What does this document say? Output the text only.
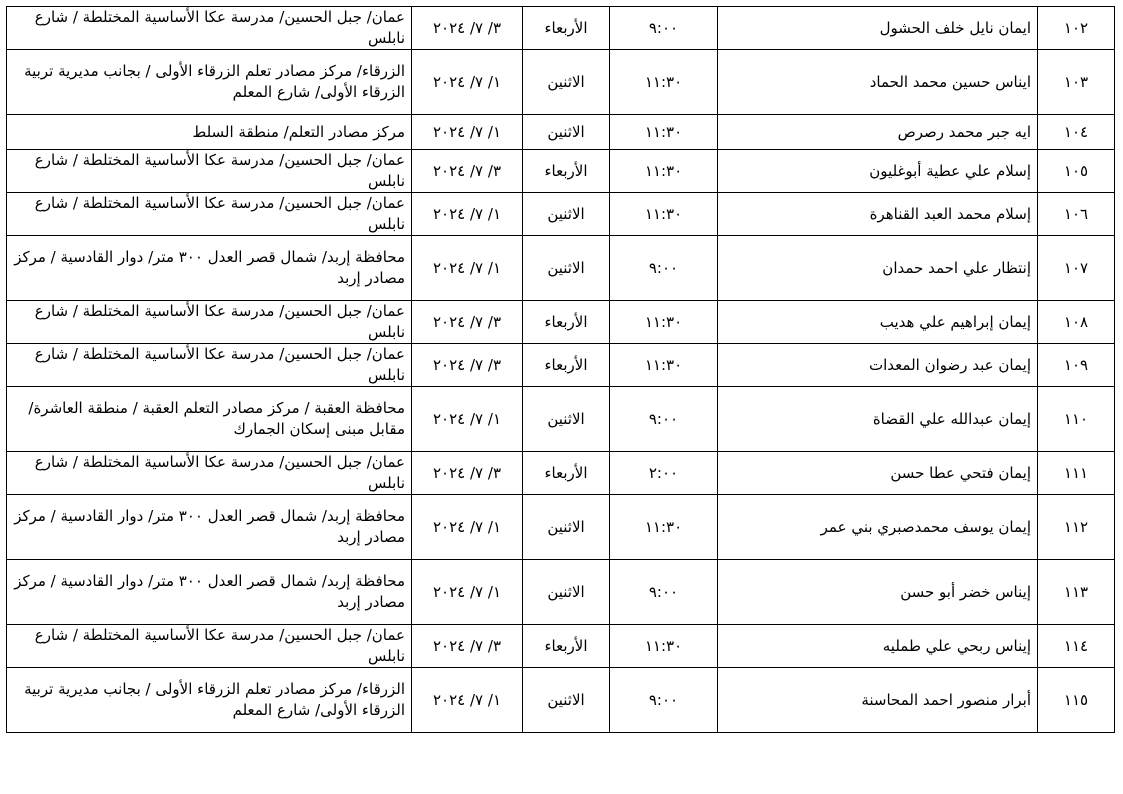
١٠٢	ايمان نايل خلف الحشول	٩:٠٠	الأربعاء	٣/ ٧/ ٢٠٢٤	عمان/ جبل الحسين/ مدرسة عكا الأساسية المختلطة / شارع نابلس
١٠٣	ايناس حسين محمد الحماد	١١:٣٠	الاثنين	١/ ٧/ ٢٠٢٤	الزرقاء/ مركز مصادر تعلم الزرقاء الأولى / بجانب مديرية تربية الزرقاء الأولى/ شارع المعلم
١٠٤	ايه جبر محمد رصرص	١١:٣٠	الاثنين	١/ ٧/ ٢٠٢٤	مركز مصادر التعلم/ منطقة السلط
١٠٥	إسلام علي عطية أبوغليون	١١:٣٠	الأربعاء	٣/ ٧/ ٢٠٢٤	عمان/ جبل الحسين/ مدرسة عكا الأساسية المختلطة / شارع نابلس
١٠٦	إسلام محمد العبد القناهرة	١١:٣٠	الاثنين	١/ ٧/ ٢٠٢٤	عمان/ جبل الحسين/ مدرسة عكا الأساسية المختلطة / شارع نابلس
١٠٧	إنتظار علي احمد حمدان	٩:٠٠	الاثنين	١/ ٧/ ٢٠٢٤	محافظة إربد/ شمال قصر العدل ٣٠٠ متر/ دوار القادسية / مركز مصادر إربد
١٠٨	إيمان إبراهيم علي هديب	١١:٣٠	الأربعاء	٣/ ٧/ ٢٠٢٤	عمان/ جبل الحسين/ مدرسة عكا الأساسية المختلطة / شارع نابلس
١٠٩	إيمان عبد رضوان المعدات	١١:٣٠	الأربعاء	٣/ ٧/ ٢٠٢٤	عمان/ جبل الحسين/ مدرسة عكا الأساسية المختلطة / شارع نابلس
١١٠	إيمان عبدالله علي القضاة	٩:٠٠	الاثنين	١/ ٧/ ٢٠٢٤	محافظة العقبة / مركز مصادر التعلم العقبة / منطقة العاشرة/ مقابل مبنى إسكان الجمارك
١١١	إيمان فتحي عطا حسن	٢:٠٠	الأربعاء	٣/ ٧/ ٢٠٢٤	عمان/ جبل الحسين/ مدرسة عكا الأساسية المختلطة / شارع نابلس
١١٢	إيمان يوسف محمدصبري بني عمر	١١:٣٠	الاثنين	١/ ٧/ ٢٠٢٤	محافظة إربد/ شمال قصر العدل ٣٠٠ متر/ دوار القادسية / مركز مصادر إربد
١١٣	إيناس خضر أبو حسن	٩:٠٠	الاثنين	١/ ٧/ ٢٠٢٤	محافظة إربد/ شمال قصر العدل ٣٠٠ متر/ دوار القادسية / مركز مصادر إربد
١١٤	إيناس ربحي علي طمليه	١١:٣٠	الأربعاء	٣/ ٧/ ٢٠٢٤	عمان/ جبل الحسين/ مدرسة عكا الأساسية المختلطة / شارع نابلس
١١٥	أبرار منصور احمد المحاسنة	٩:٠٠	الاثنين	١/ ٧/ ٢٠٢٤	الزرقاء/ مركز مصادر تعلم الزرقاء الأولى / بجانب مديرية تربية الزرقاء الأولى/ شارع المعلم
